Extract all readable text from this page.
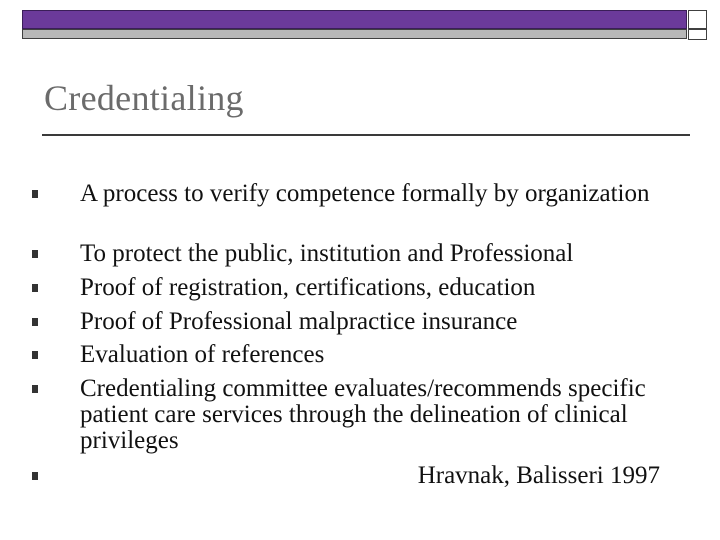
Credentialing
A process to verify competence formally by organization
To protect the public, institution and Professional
Proof of registration, certifications, education
Proof of Professional malpractice insurance
Evaluation of references
Credentialing committee evaluates/recommends specific patient care services through the delineation of clinical privileges
Hravnak, Balisseri 1997
